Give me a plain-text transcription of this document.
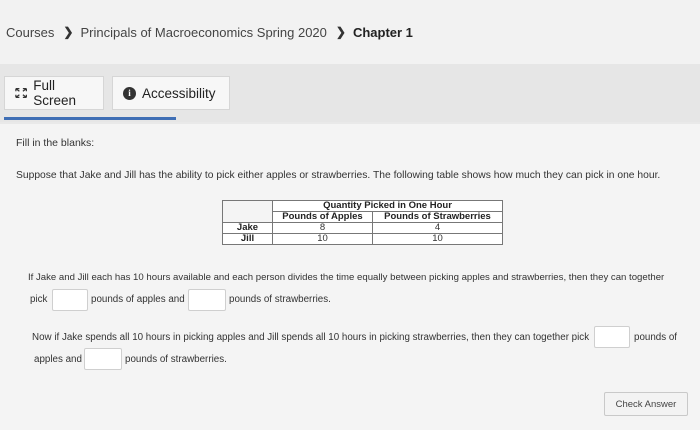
Courses ❯ Principals of Macroeconomics Spring 2020 ❯ Chapter 1
Full Screen	i Accessibility
Fill in the blanks:
Suppose that Jake and Jill has the ability to pick either apples or strawberries. The following table shows how much they can pick in one hour.
	Quantity Picked in One Hour	
	Pounds of Apples	Pounds of Strawberries
Jake	8	4
Jill	10	10
If Jake and Jill each has 10 hours available and each person divides the time equally between picking apples and strawberries, then they can together
pick	pounds of apples and	pounds of strawberries.
Now if Jake spends all 10 hours in picking apples and Jill spends all 10 hours in picking strawberries, then they can together pick	pounds of
apples and	pounds of strawberries.
Check Answer
